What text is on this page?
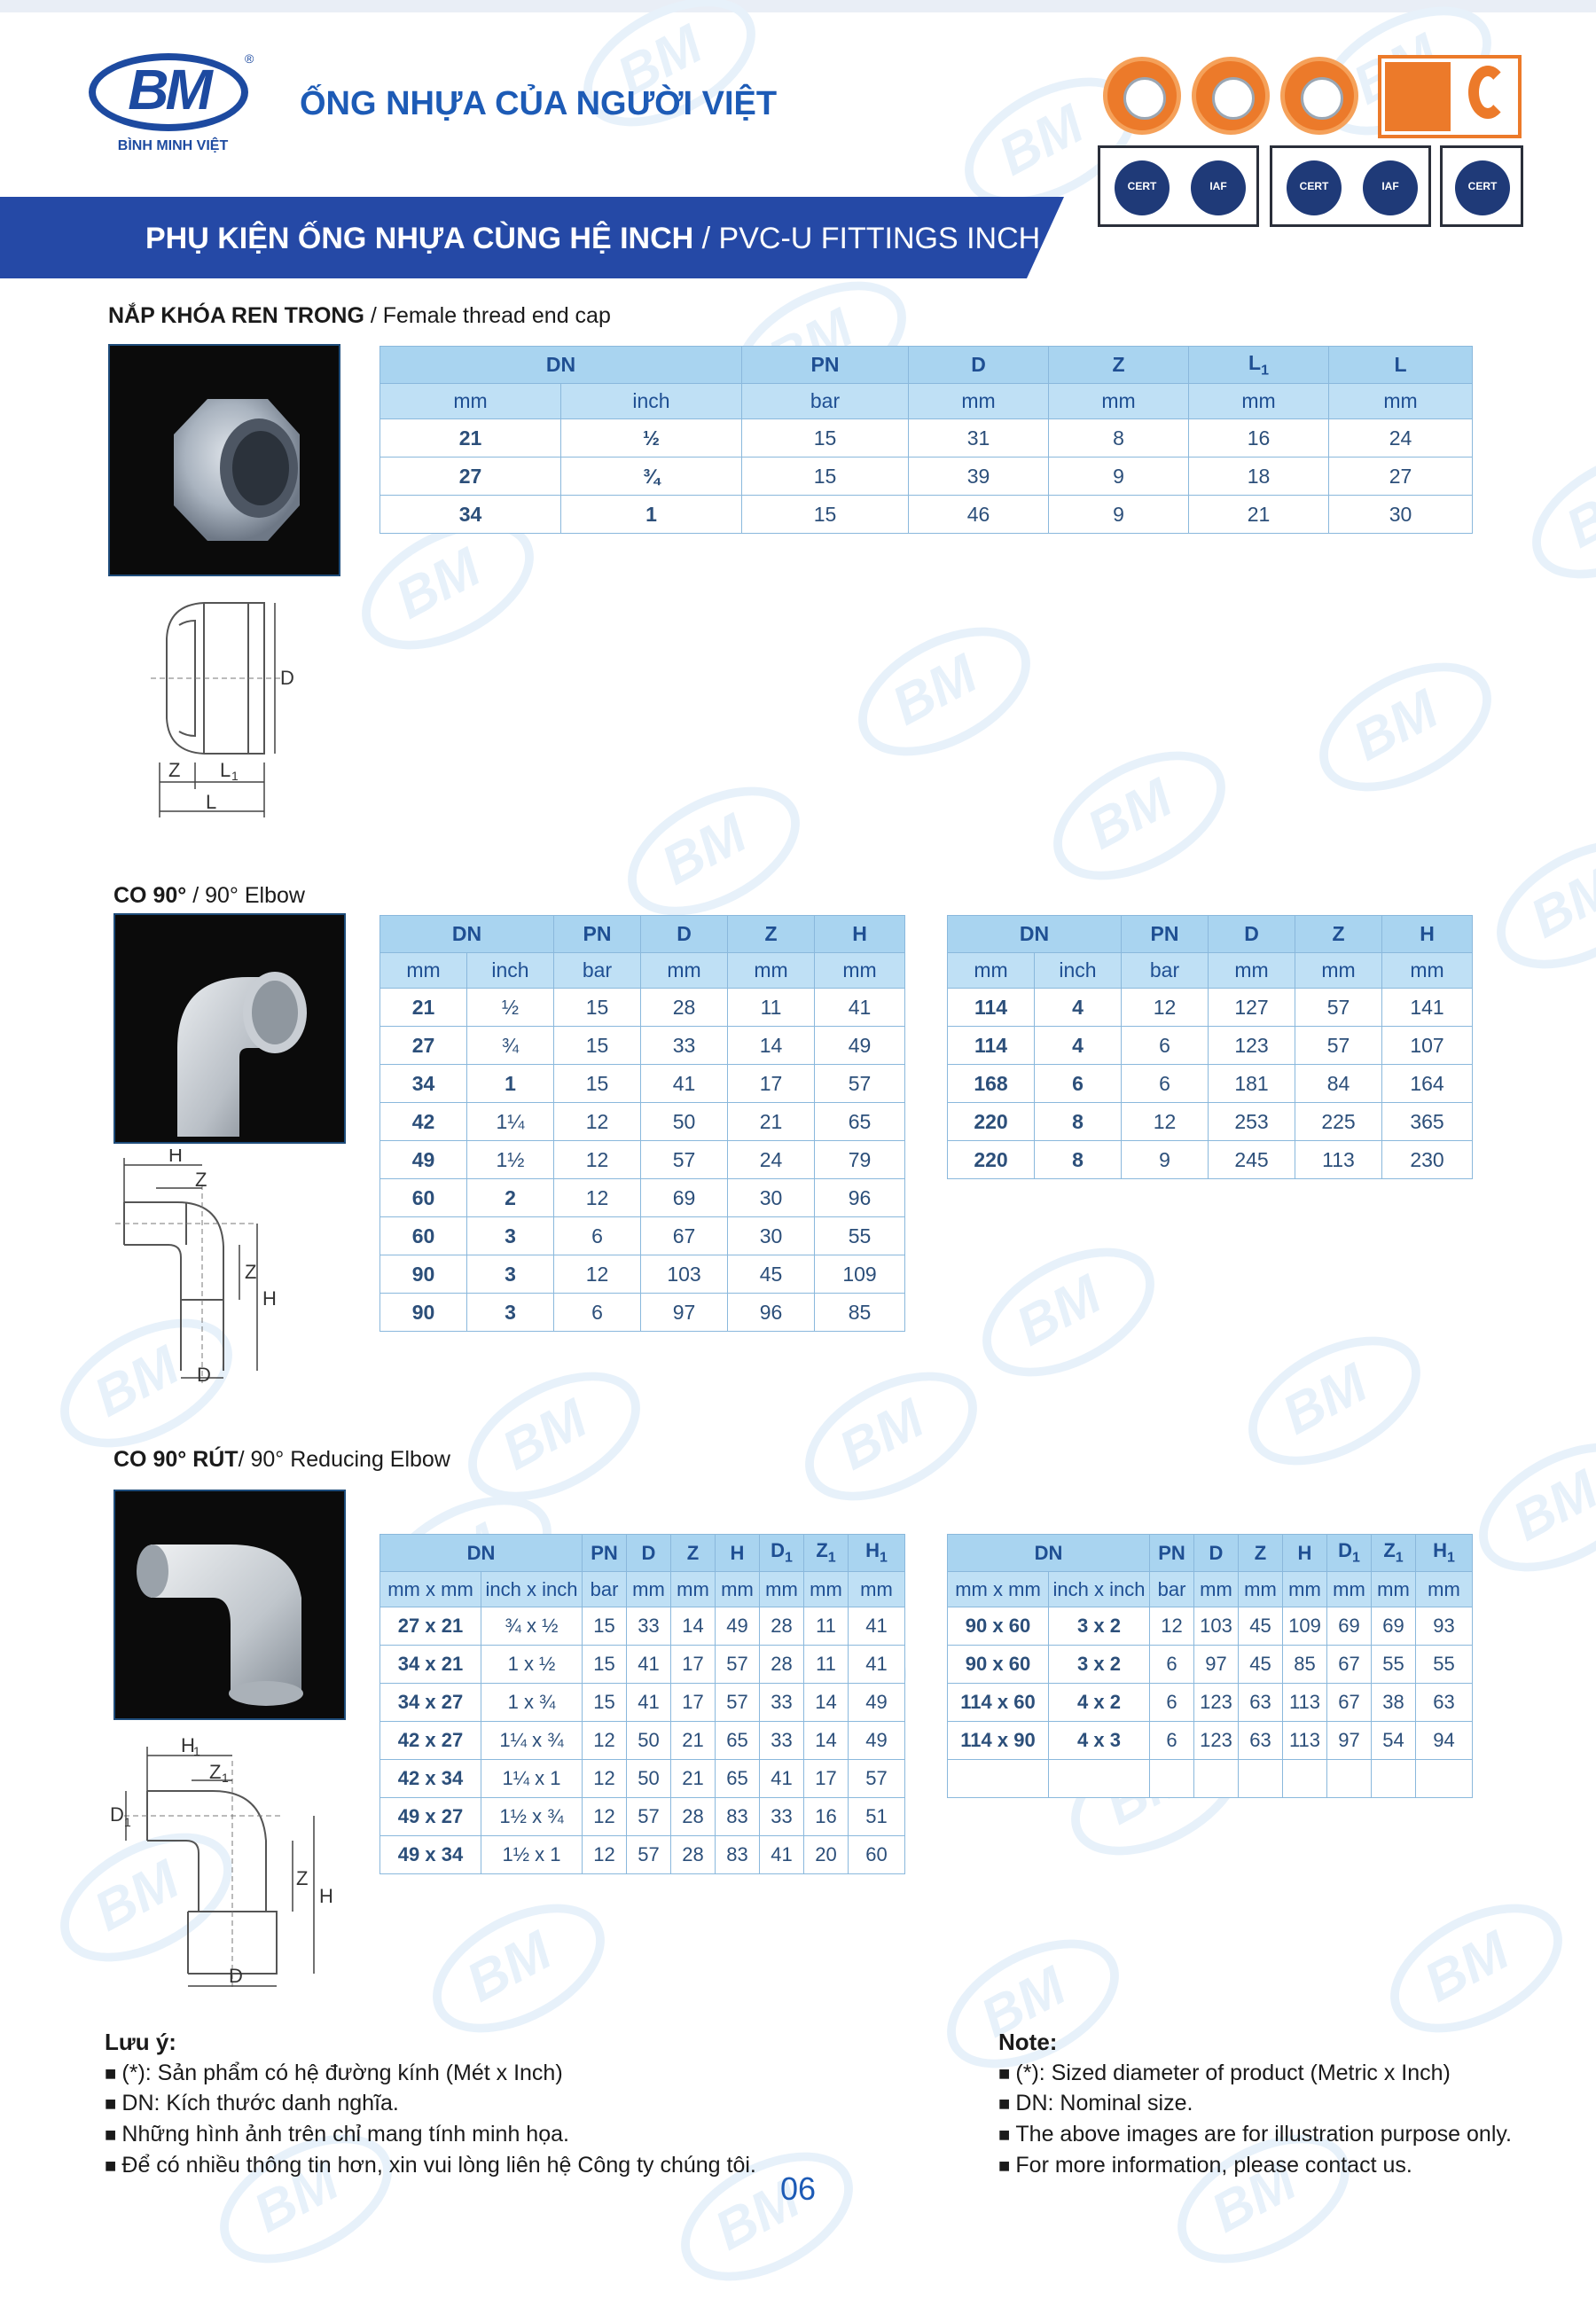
BM
BM
BM
BM
BM
BM
BM
BM
BM
BM
BM
BM
BM
BM
BM
BM
BM
BM
BM
BM
BM
BM
BM
BM
BM
BM
BM
BM
BM	®
BÌNH MINH VIỆT
ỐNG NHỰA CỦA NGƯỜI VIỆT
CERT	IAF	CERT	IAF	CERT
PHỤ KIỆN ỐNG NHỰA CÙNG HỆ INCH / PVC-U FITTINGS INCH SERIES
NẮP KHÓA REN TRONG / Female thread end cap
D
Z L 1
L
DN		PN	D	Z	$L_1$	L
mm	inch	bar	mm	mm	mm	mm
21	½	15	31	8	16	24
27	¾	15	39	9	18	27
34	1	15	46	9	21	30
CO 90° / 90° Elbow
H
Z
Z
H
D
DN		PN	D	Z	H
mm	inch	bar	mm	mm	mm
21	½	15	28	11	41
27	¾	15	33	14	49
34	1	15	41	17	57
42	1¼	12	50	21	65
49	1½	12	57	24	79
60	2	12	69	30	96
60	3	6	67	30	55
90	3	12	103	45	109
90	3	6	97	96	85
DN		PN	D	Z	H
mm	inch	bar	mm	mm	mm
114	4	12	127	57	141
114	4	6	123	57	107
168	6	6	181	84	164
220	8	12	253	225	365
220	8	9	245	113	230
CO 90° RÚT/ 90° Reducing Elbow
H
1
Z 1
D 1
Z
H
D
DN		PN	D	Z	H	$D_1$	$Z_1$	$H_1$
mm x mm	inch x inch	bar	mm	mm	mm	mm	mm	mm
27 x 21	¾ x ½	15	33	14	49	28	11	41
34 x 21	1 x ½	15	41	17	57	28	11	41
34 x 27	1 x ¾	15	41	17	57	33	14	49
42 x 27	1¼ x ¾	12	50	21	65	33	14	49
42 x 34	1¼ x 1	12	50	21	65	41	17	57
49 x 27	1½ x ¾	12	57	28	83	33	16	51
49 x 34	1½ x 1	12	57	28	83	41	20	60
DN		PN	D	Z	H	$D_1$	$Z_1$	$H_1$
mm x mm	inch x inch	bar	mm	mm	mm	mm	mm	mm
90 x 60	3 x 2	12	103	45	109	69	69	93
90 x 60	3 x 2	6	97	45	85	67	55	55
114 x 60	4 x 2	6	123	63	113	67	38	63
114 x 90	4 x 3	6	123	63	113	97	54	94

Lưu ý:
■ (*): Sản phẩm có hệ đường kính (Mét x Inch)
■ DN: Kích thước danh nghĩa.
■ Những hình ảnh trên chỉ mang tính minh họa.
■ Để có nhiều thông tin hơn, xin vui lòng liên hệ Công ty chúng tôi.
Note:
■ (*): Sized diameter of product (Metric x Inch)
■ DN: Nominal size.
■ The above images are for illustration purpose only.
■ For more information, please contact us.
06
